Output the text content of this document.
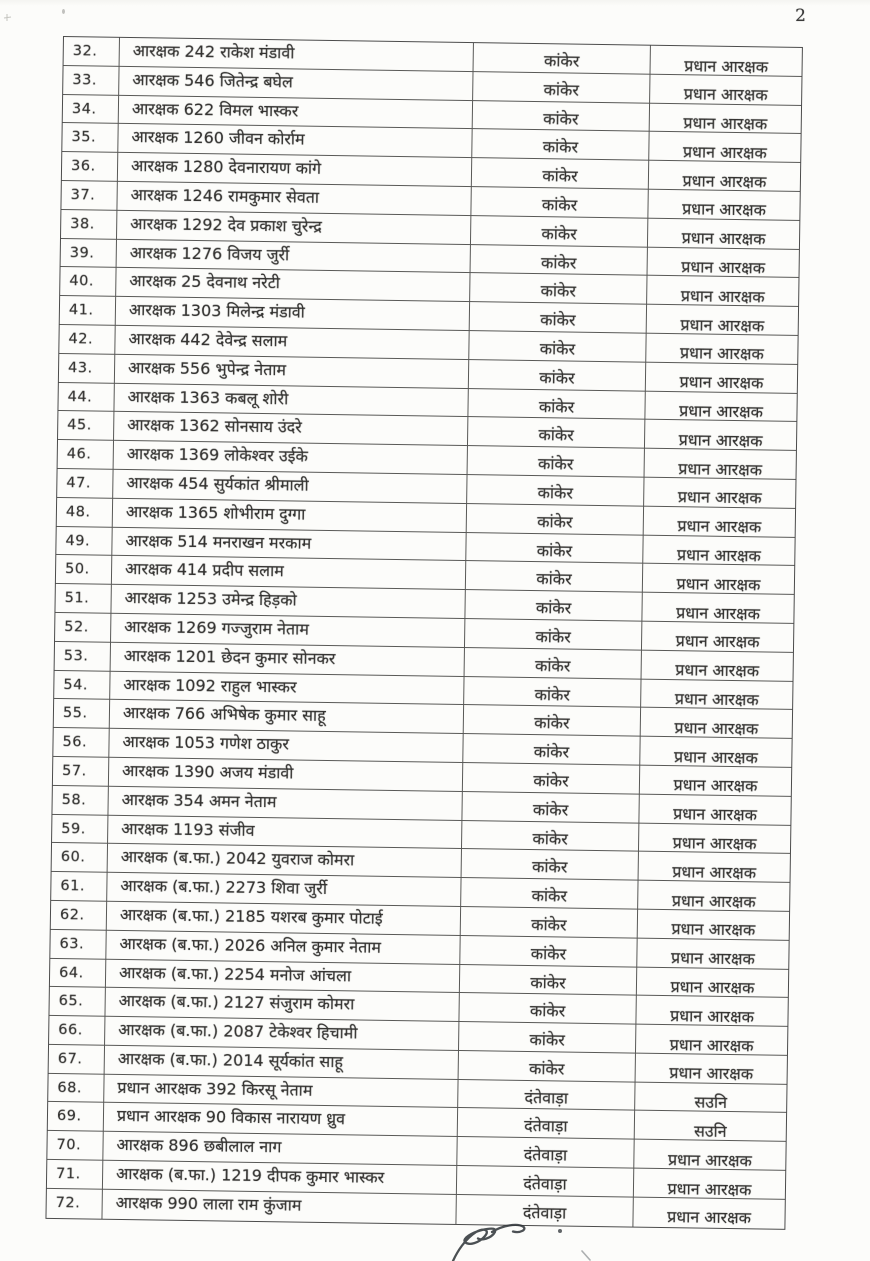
2
32. आरक्षक 242 राकेश मंडावी	कांकेर	प्रधान आरक्षक
33. आरक्षक 546 जितेन्द्र बघेल	कांकेर	प्रधान आरक्षक
34. आरक्षक 622 विमल भास्कर	कांकेर	प्रधान आरक्षक
35. आरक्षक 1260 जीवन कोर्राम	कांकेर	प्रधान आरक्षक
36. आरक्षक 1280 देवनारायण कांगे	कांकेर	प्रधान आरक्षक
37. आरक्षक 1246 रामकुमार सेवता	कांकेर	प्रधान आरक्षक
38. आरक्षक 1292 देव प्रकाश चुरेन्द्र	कांकेर	प्रधान आरक्षक
39. आरक्षक 1276 विजय जुर्री	कांकेर	प्रधान आरक्षक
40. आरक्षक 25 देवनाथ नरेटी	कांकेर	प्रधान आरक्षक
41. आरक्षक 1303 मिलेन्द्र मंडावी	कांकेर	प्रधान आरक्षक
42. आरक्षक 442 देवेन्द्र सलाम	कांकेर	प्रधान आरक्षक
43. आरक्षक 556 भुपेन्द्र नेताम	कांकेर	प्रधान आरक्षक
44. आरक्षक 1363 कबलू शोरी	कांकेर	प्रधान आरक्षक
45. आरक्षक 1362 सोनसाय उंदरे	कांकेर	प्रधान आरक्षक
46. आरक्षक 1369 लोकेश्वर उईके	कांकेर	प्रधान आरक्षक
47. आरक्षक 454 सुर्यकांत श्रीमाली	कांकेर	प्रधान आरक्षक
48. आरक्षक 1365 शोभीराम दुग्गा	कांकेर	प्रधान आरक्षक
49. आरक्षक 514 मनराखन मरकाम	कांकेर	प्रधान आरक्षक
50. आरक्षक 414 प्रदीप सलाम	कांकेर	प्रधान आरक्षक
51. आरक्षक 1253 उमेन्द्र हिड़को	कांकेर	प्रधान आरक्षक
52. आरक्षक 1269 गज्जुराम नेताम	कांकेर	प्रधान आरक्षक
53. आरक्षक 1201 छेदन कुमार सोनकर	कांकेर	प्रधान आरक्षक
54. आरक्षक 1092 राहुल भास्कर	कांकेर	प्रधान आरक्षक
55. आरक्षक 766 अभिषेक कुमार साहू	कांकेर	प्रधान आरक्षक
56. आरक्षक 1053 गणेश ठाकुर	कांकेर	प्रधान आरक्षक
57. आरक्षक 1390 अजय मंडावी	कांकेर	प्रधान आरक्षक
58. आरक्षक 354 अमन नेताम	कांकेर	प्रधान आरक्षक
59. आरक्षक 1193 संजीव	कांकेर	प्रधान आरक्षक
60. आरक्षक (ब.फा.) 2042 युवराज कोमरा	कांकेर	प्रधान आरक्षक
61. आरक्षक (ब.फा.) 2273 शिवा जुर्री	कांकेर	प्रधान आरक्षक
62. आरक्षक (ब.फा.) 2185 यशरब कुमार पोटाई	कांकेर	प्रधान आरक्षक
63. आरक्षक (ब.फा.) 2026 अनिल कुमार नेताम	कांकेर	प्रधान आरक्षक
64. आरक्षक (ब.फा.) 2254 मनोज आंचला	कांकेर	प्रधान आरक्षक
65. आरक्षक (ब.फा.) 2127 संजुराम कोमरा	कांकेर	प्रधान आरक्षक
66. आरक्षक (ब.फा.) 2087 टेकेश्वर हिचामी	कांकेर	प्रधान आरक्षक
67. आरक्षक (ब.फा.) 2014 सूर्यकांत साहू	कांकेर	प्रधान आरक्षक
68. प्रधान आरक्षक 392 किरसू नेताम	दंतेवाड़ा	सउनि
69. प्रधान आरक्षक 90 विकास नारायण ध्रुव	दंतेवाड़ा	सउनि
70. आरक्षक 896 छबीलाल नाग	दंतेवाड़ा	प्रधान आरक्षक
71. आरक्षक (ब.फा.) 1219 दीपक कुमार भास्कर	दंतेवाड़ा	प्रधान आरक्षक
72. आरक्षक 990 लाला राम कुंजाम	दंतेवाड़ा	प्रधान आरक्षक
